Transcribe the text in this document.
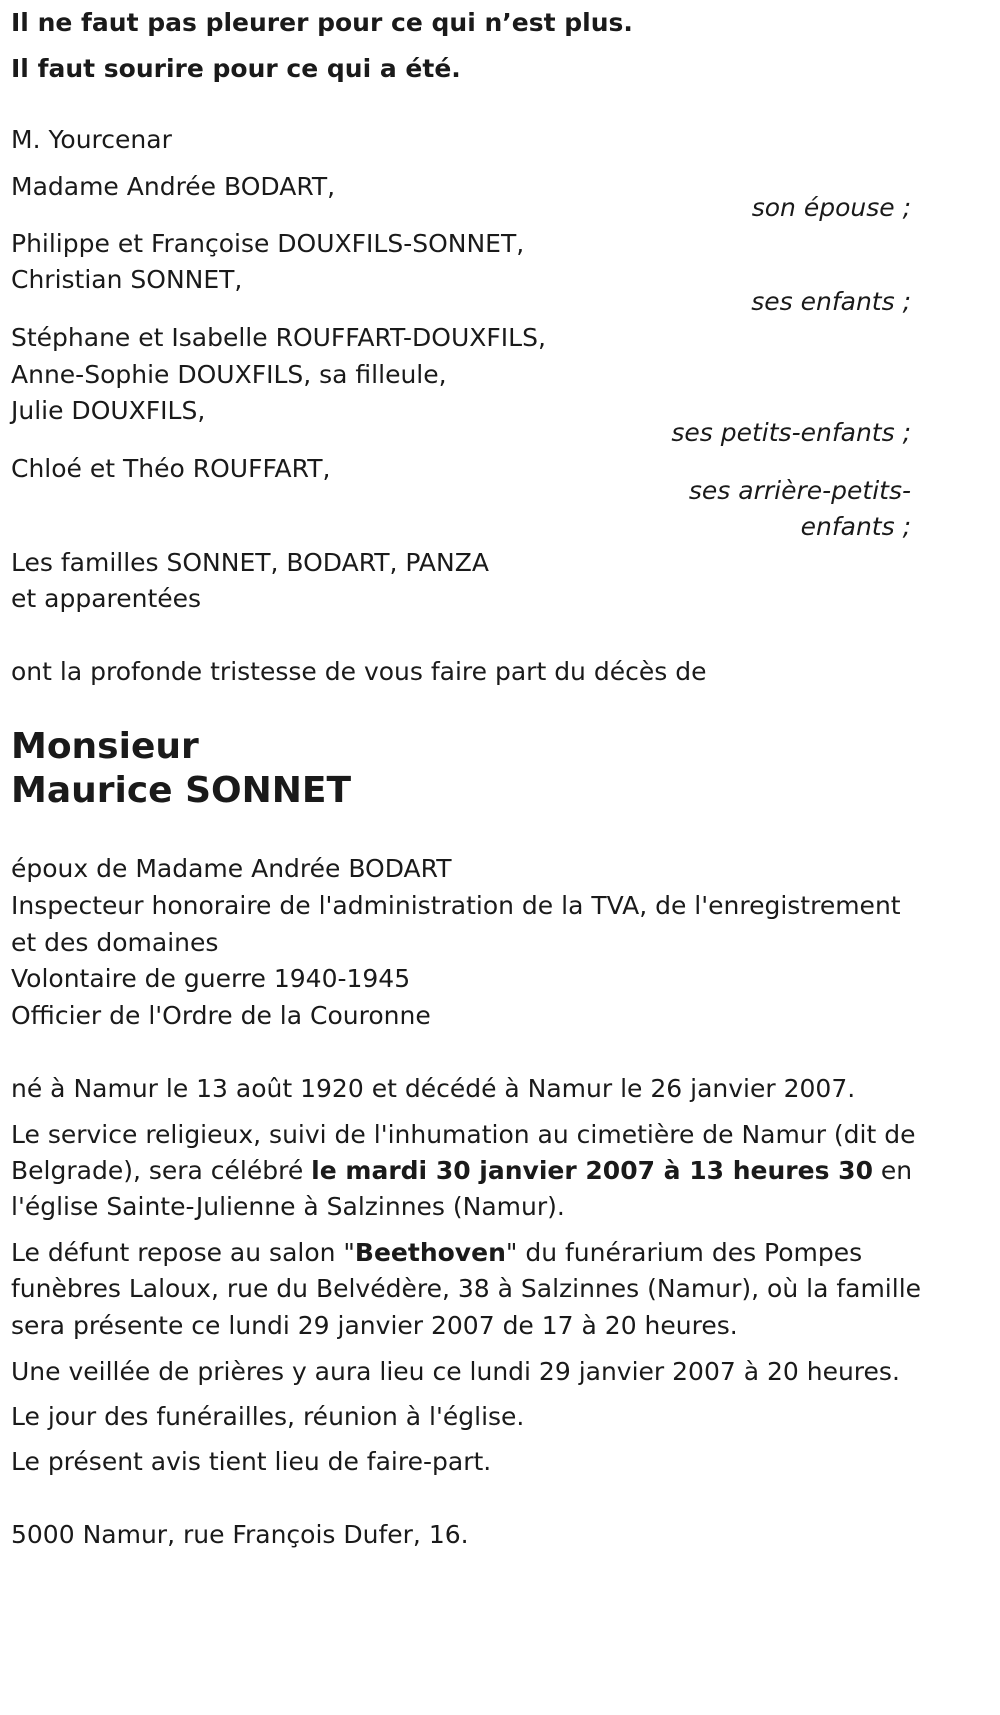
Il ne faut pas pleurer pour ce qui n’est plus.
Il faut sourire pour ce qui a été.
M. Yourcenar
Madame Andrée BODART,
son épouse ;
Philippe et Françoise DOUXFILS-SONNET,
Christian SONNET,
ses enfants ;
Stéphane et Isabelle ROUFFART-DOUXFILS,
Anne-Sophie DOUXFILS, sa filleule,
Julie DOUXFILS,
ses petits-enfants ;
Chloé et Théo ROUFFART,
ses arrière-petits-
enfants ;
Les familles SONNET, BODART, PANZA
et apparentées
ont la profonde tristesse de vous faire part du décès de
Monsieur
Maurice SONNET
époux de Madame Andrée BODART
Inspecteur honoraire de l'administration de la TVA, de l'enregistrement
et des domaines
Volontaire de guerre 1940-1945
Officier de l'Ordre de la Couronne
né à Namur le 13 août 1920 et décédé à Namur le 26 janvier 2007.
Le service religieux, suivi de l'inhumation au cimetière de Namur (dit de
Belgrade), sera célébré le mardi 30 janvier 2007 à 13 heures 30 en
l'église Sainte-Julienne à Salzinnes (Namur).
Le défunt repose au salon "Beethoven" du funérarium des Pompes
funèbres Laloux, rue du Belvédère, 38 à Salzinnes (Namur), où la famille
sera présente ce lundi 29 janvier 2007 de 17 à 20 heures.
Une veillée de prières y aura lieu ce lundi 29 janvier 2007 à 20 heures.
Le jour des funérailles, réunion à l'église.
Le présent avis tient lieu de faire-part.
5000 Namur, rue François Dufer, 16.
